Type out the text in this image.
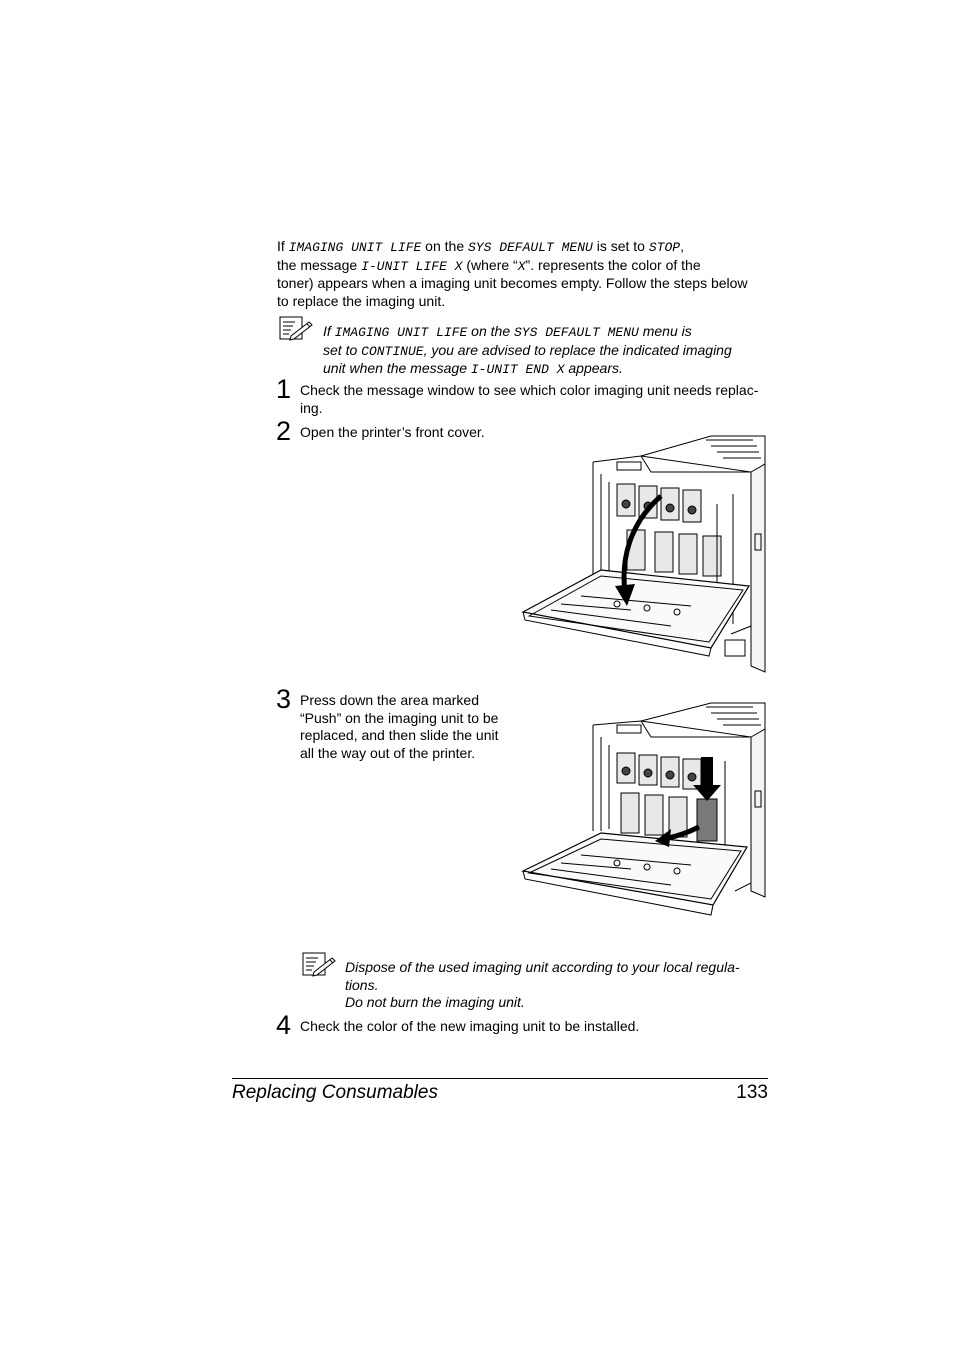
If IMAGING UNIT LIFE on the SYS DEFAULT MENU is set to STOP,
the message I-UNIT LIFE X (where “X”. represents the color of the
toner) appears when a imaging unit becomes empty. Follow the steps below
to replace the imaging unit.
If IMAGING UNIT LIFE on the SYS DEFAULT MENU menu is
set to CONTINUE, you are advised to replace the indicated imaging
unit when the message I-UNIT END X appears.
1 Check the message window to see which color imaging unit needs replac-
ing.
2 Open the printer’s front cover.
3 Press down the area marked
“Push” on the imaging unit to be
replaced, and then slide the unit
all the way out of the printer.
Dispose of the used imaging unit according to your local regula-
tions.
Do not burn the imaging unit.
4 Check the color of the new imaging unit to be installed.
Replacing Consumables	133
